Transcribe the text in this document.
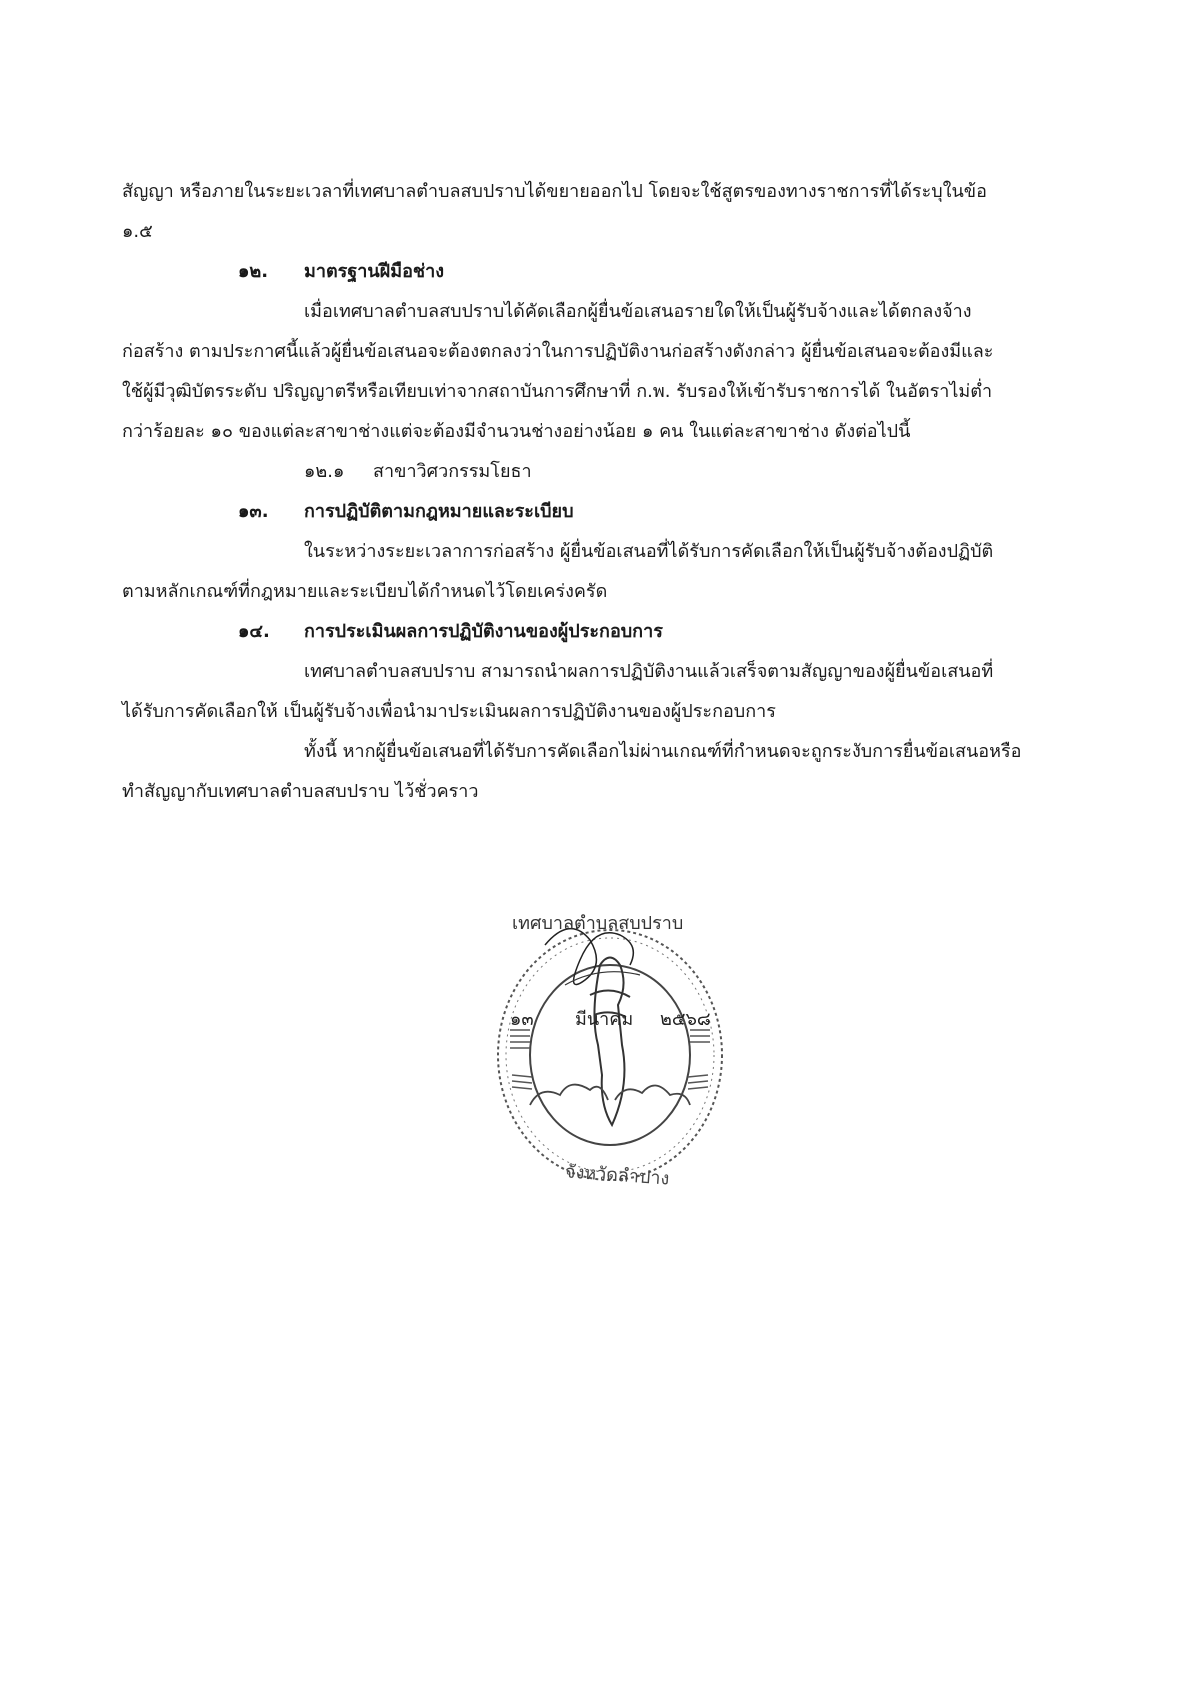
สัญญา หรือภายในระยะเวลาที่เทศบาลตำบลสบปราบได้ขยายออกไป โดยจะใช้สูตรของทางราชการที่ได้ระบุในข้อ
๑.๕
๑๒. มาตรฐานฝีมือช่าง
เมื่อเทศบาลตำบลสบปราบได้คัดเลือกผู้ยื่นข้อเสนอรายใดให้เป็นผู้รับจ้างและได้ตกลงจ้าง
ก่อสร้าง ตามประกาศนี้แล้วผู้ยื่นข้อเสนอจะต้องตกลงว่าในการปฏิบัติงานก่อสร้างดังกล่าว ผู้ยื่นข้อเสนอจะต้องมีและ
ใช้ผู้มีวุฒิบัตรระดับ ปริญญาตรีหรือเทียบเท่าจากสถาบันการศึกษาที่ ก.พ. รับรองให้เข้ารับราชการได้ ในอัตราไม่ต่ำ
กว่าร้อยละ ๑๐ ของแต่ละสาขาช่างแต่จะต้องมีจำนวนช่างอย่างน้อย ๑ คน ในแต่ละสาขาช่าง ดังต่อไปนี้
๑๒.๑     สาขาวิศวกรรมโยธา
๑๓. การปฏิบัติตามกฎหมายและระเบียบ
ในระหว่างระยะเวลาการก่อสร้าง ผู้ยื่นข้อเสนอที่ได้รับการคัดเลือกให้เป็นผู้รับจ้างต้องปฏิบัติ
ตามหลักเกณฑ์ที่กฎหมายและระเบียบได้กำหนดไว้โดยเคร่งครัด
๑๔. การประเมินผลการปฏิบัติงานของผู้ประกอบการ
เทศบาลตำบลสบปราบ สามารถนำผลการปฏิบัติงานแล้วเสร็จตามสัญญาของผู้ยื่นข้อเสนอที่
ได้รับการคัดเลือกให้ เป็นผู้รับจ้างเพื่อนำมาประเมินผลการปฏิบัติงานของผู้ประกอบการ
ทั้งนี้ หากผู้ยื่นข้อเสนอที่ได้รับการคัดเลือกไม่ผ่านเกณฑ์ที่กำหนดจะถูกระงับการยื่นข้อเสนอหรือ
ทำสัญญากับเทศบาลตำบลสบปราบ ไว้ชั่วคราว
เทศบาลตำบลสบปราบ
๑๓ มีนาคม ๒๕๖๘
จังหวัดลำปาง
